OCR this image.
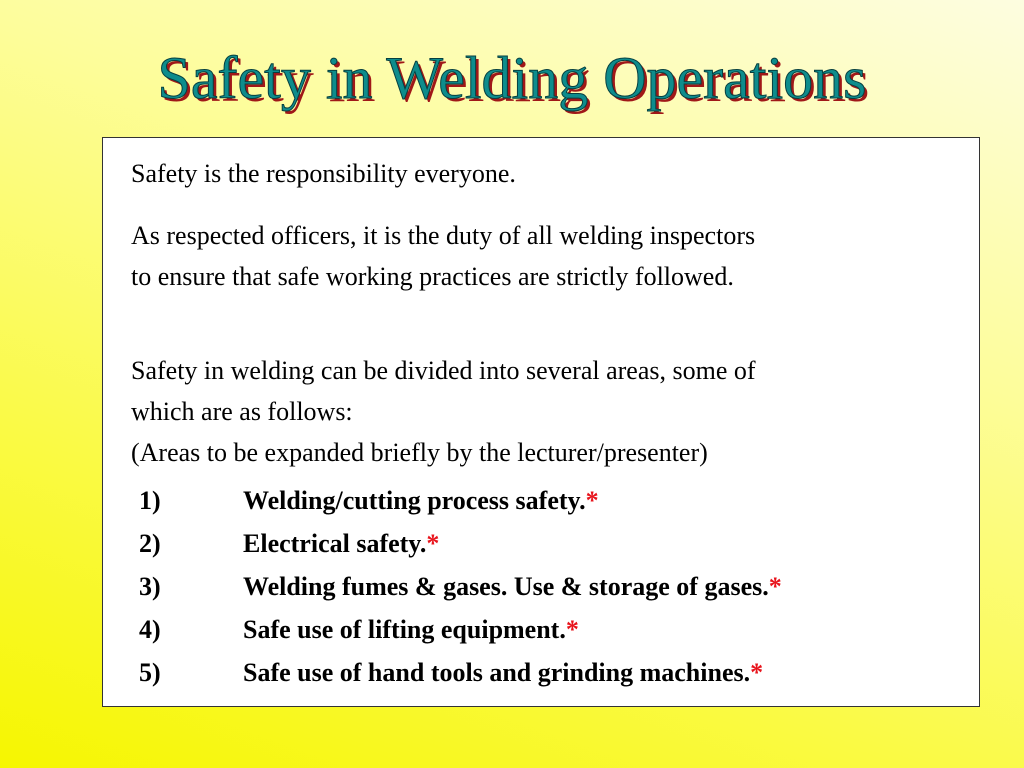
Safety in Welding Operations

Safety is the responsibility everyone.

As respected officers, it is the duty of all welding inspectors
to ensure that safe working practices are strictly followed.

Safety in welding can be divided into several areas, some of
which are as follows:
(Areas to be expanded briefly by the lecturer/presenter)

1)	Welding/cutting process safety. *
2)	Electrical safety. *
3)	Welding fumes & gases. Use & storage of gases. *
4)	Safe use of lifting equipment. *
5)	Safe use of hand tools and grinding machines. *
